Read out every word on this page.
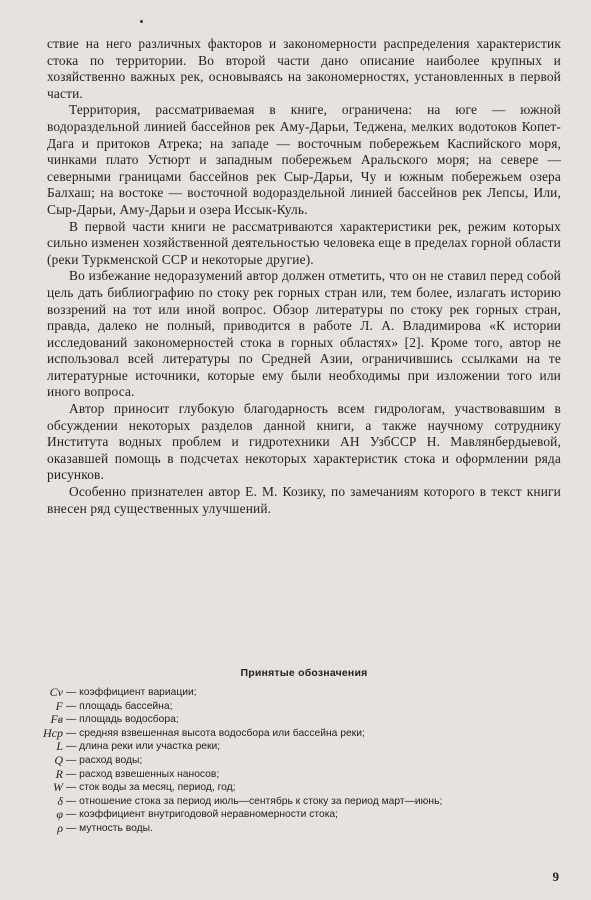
ствие на него различных факторов и закономерности распределения характеристик стока по территории. Во второй части дано описание наиболее крупных и хозяйственно важных рек, основываясь на закономерностях, установленных в первой части.

Территория, рассматриваемая в книге, ограничена: на юге — южной водораздельной линией бассейнов рек Аму-Дарьи, Теджена, мелких водотоков Копет-Дага и притоков Атрека; на западе — восточным побережьем Каспийского моря, чинками плато Устюрт и западным побережьем Аральского моря; на севере — северными границами бассейнов рек Сыр-Дарьи, Чу и южным побережьем озера Балхаш; на востоке — восточной водораздельной линией бассейнов рек Лепсы, Или, Сыр-Дарьи, Аму-Дарьи и озера Иссык-Куль.

В первой части книги не рассматриваются характеристики рек, режим которых сильно изменен хозяйственной деятельностью человека еще в пределах горной области (реки Туркменской ССР и некоторые другие).

Во избежание недоразумений автор должен отметить, что он не ставил перед собой цель дать библиографию по стоку рек горных стран или, тем более, излагать историю воззрений на тот или иной вопрос. Обзор литературы по стоку рек горных стран, правда, далеко не полный, приводится в работе Л. А. Владимирова «К истории исследований закономерностей стока в горных областях» [2]. Кроме того, автор не использовал всей литературы по Средней Азии, ограничившись ссылками на те литературные источники, которые ему были необходимы при изложении того или иного вопроса.

Автор приносит глубокую благодарность всем гидрологам, участвовавшим в обсуждении некоторых разделов данной книги, а также научному сотруднику Института водных проблем и гидротехники АН УзбССР Н. Мавлянбердыевой, оказавшей помощь в подсчетах некоторых характеристик стока и оформлении ряда рисунков.

Особенно признателен автор Е. М. Козику, по замечаниям которого в текст книги внесен ряд существенных улучшений.

Принятые обозначения
Cv — коэффициент вариации;
F — площадь бассейна;
Fв — площадь водосбора;
Hср — средняя взвешенная высота водосбора или бассейна реки;
L — длина реки или участка реки;
Q — расход воды;
R — расход взвешенных наносов;
W — сток воды за месяц, период, год;
δ — отношение стока за период июль—сентябрь к стоку за период март—июнь;
φ — коэффициент внутригодовой неравномерности стока;
ρ — мутность воды.
9
